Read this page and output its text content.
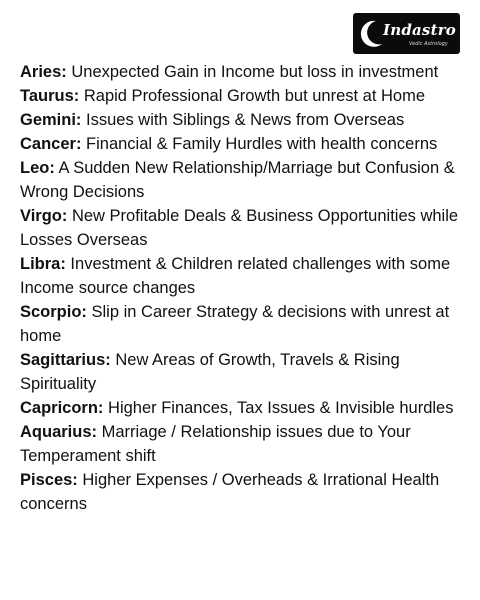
Indastro
Vedic Astrology
Aries: Unexpected Gain in Income but loss in investment
Taurus: Rapid Professional Growth but unrest at Home
Gemini: Issues with Siblings & News from Overseas
Cancer: Financial & Family Hurdles with health concerns
Leo: A Sudden New Relationship/Marriage but Confusion & Wrong Decisions
Virgo: New Profitable Deals & Business Opportunities while Losses Overseas
Libra: Investment & Children related challenges with some Income source changes
Scorpio: Slip in Career Strategy & decisions with unrest at home
Sagittarius: New Areas of Growth, Travels & Rising Spirituality
Capricorn: Higher Finances, Tax Issues & Invisible hurdles
Aquarius: Marriage / Relationship issues due to Your Temperament shift
Pisces: Higher Expenses / Overheads & Irrational Health concerns
